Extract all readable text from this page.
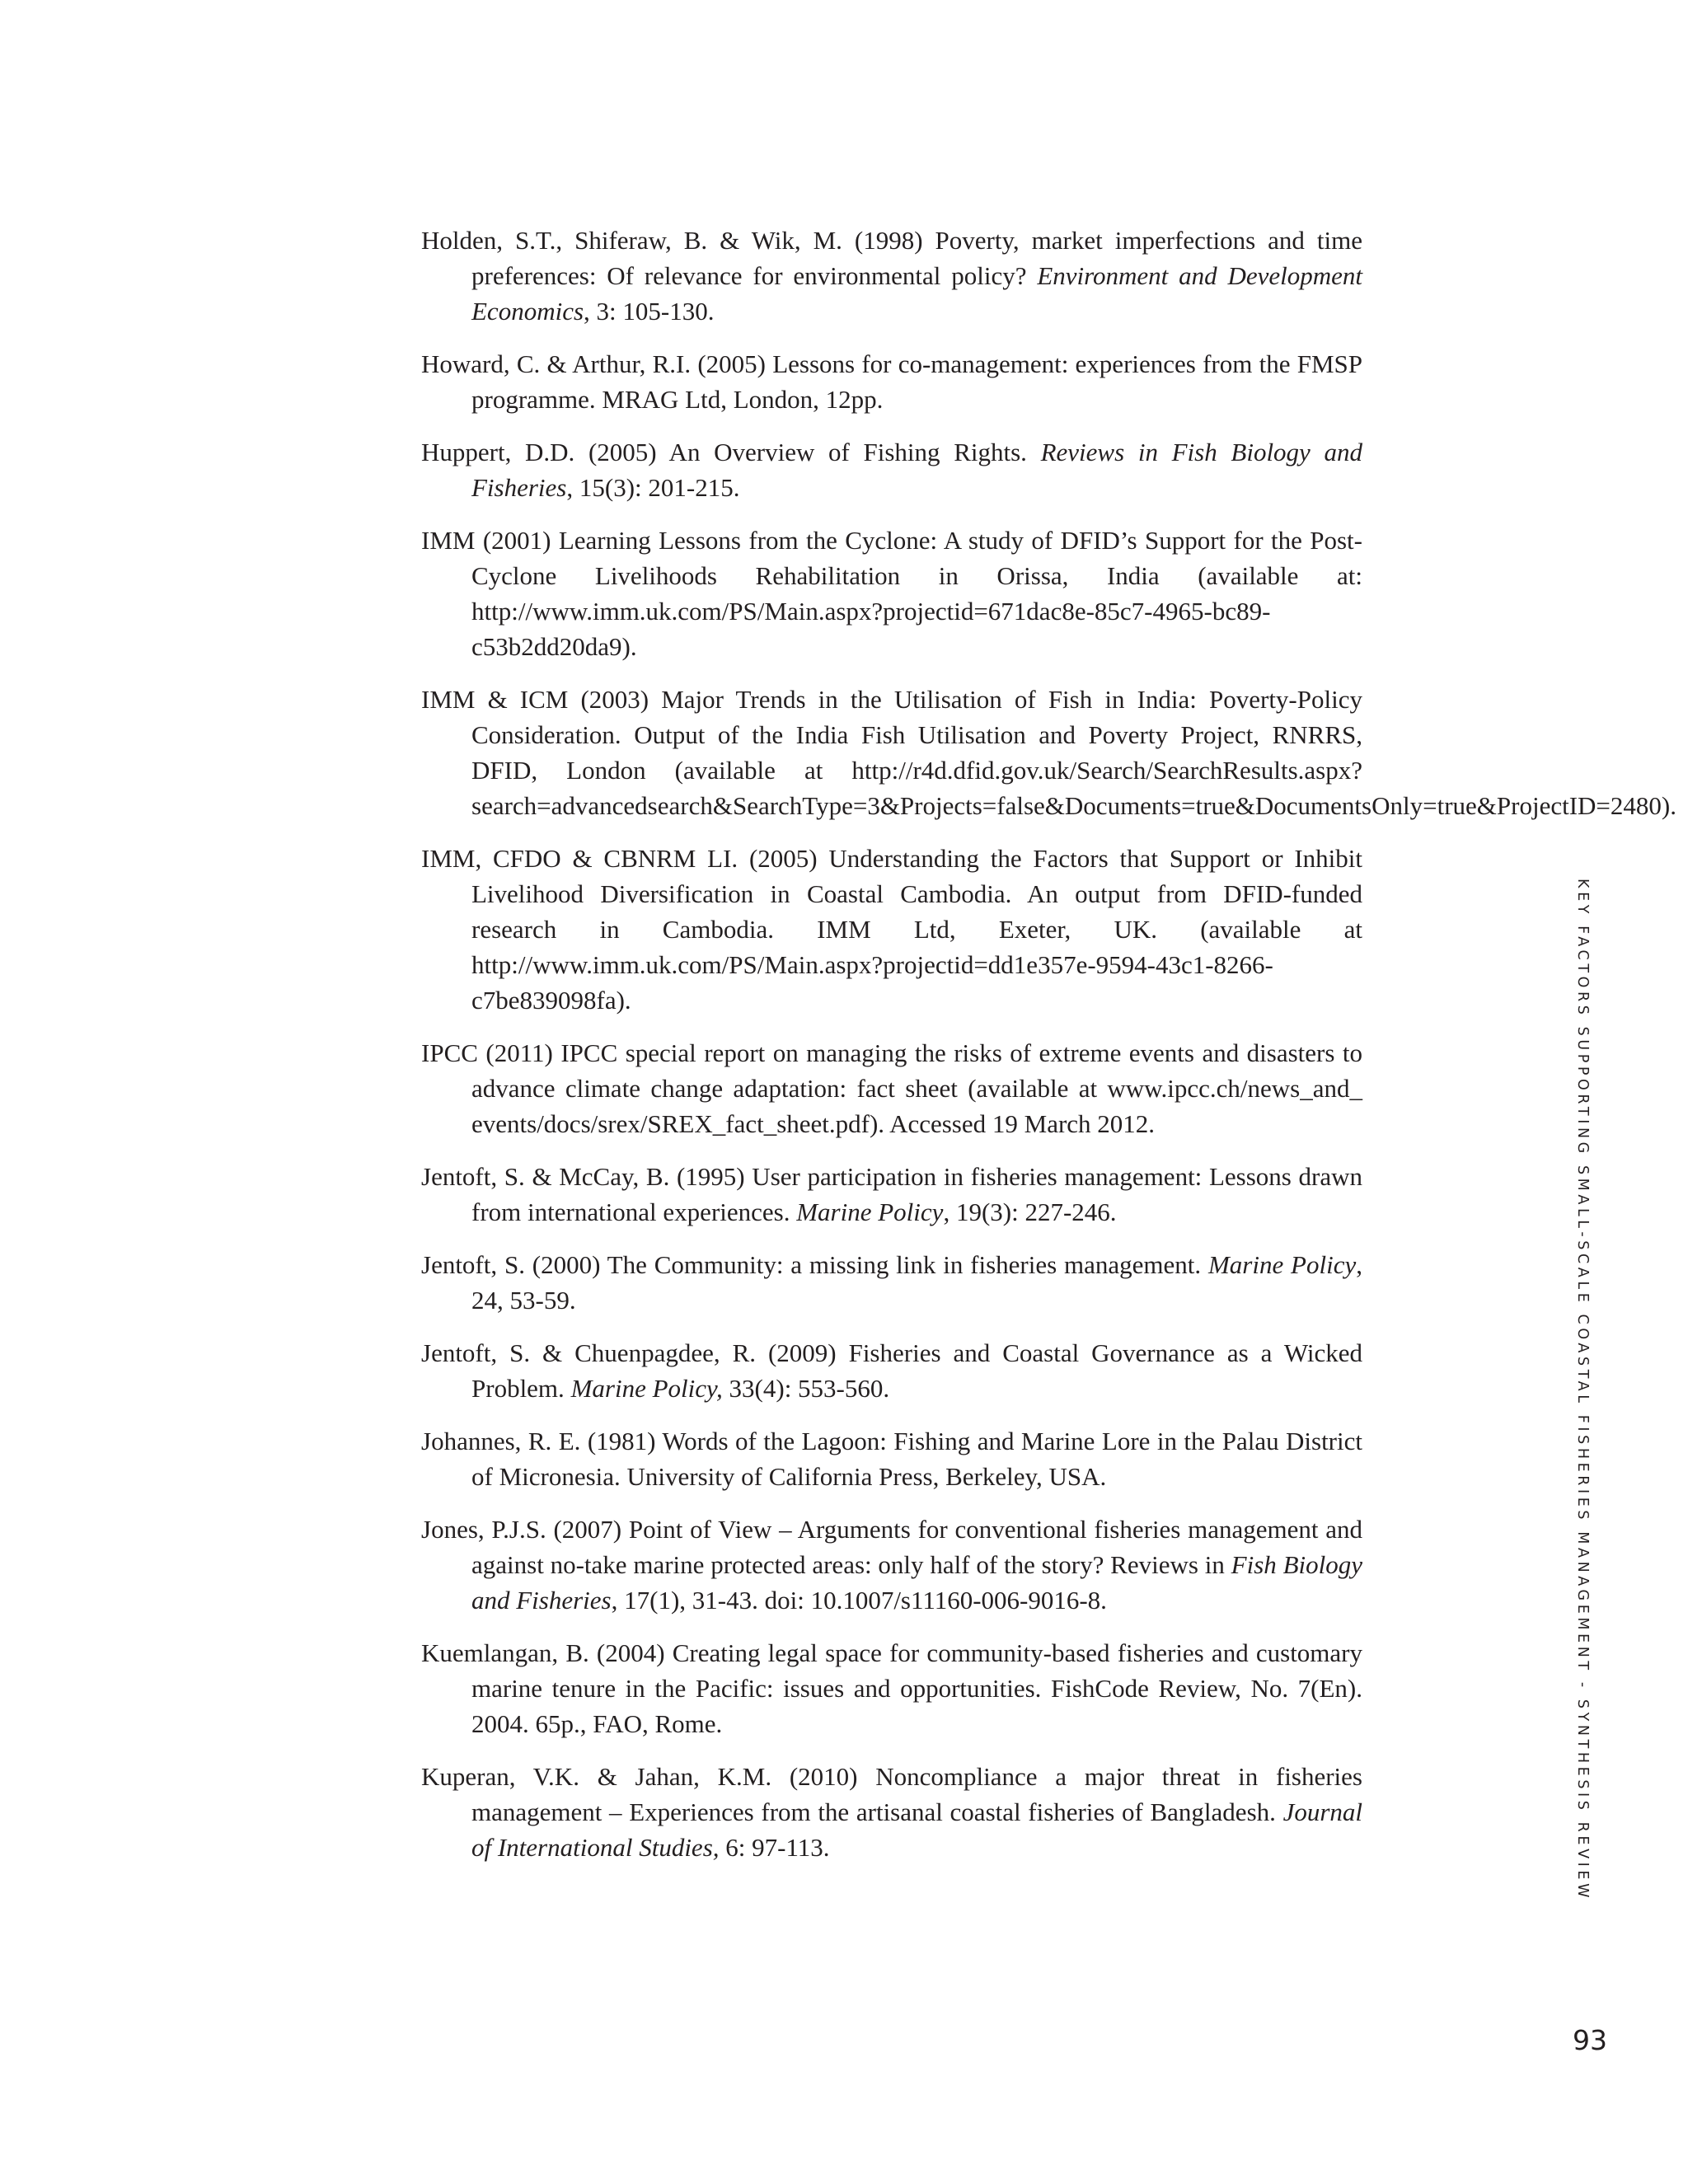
Holden, S.T., Shiferaw, B. & Wik, M. (1998) Poverty, market imperfections and time preferences: Of relevance for environmental policy? Environment and Development Economics, 3: 105-130.

Howard, C. & Arthur, R.I. (2005) Lessons for co-management: experiences from the FMSP programme. MRAG Ltd, London, 12pp.

Huppert, D.D. (2005) An Overview of Fishing Rights. Reviews in Fish Biology and Fisheries, 15(3): 201-215.

IMM (2001) Learning Lessons from the Cyclone: A study of DFID’s Support for the Post-Cyclone Livelihoods Rehabilitation in Orissa, India (available at: http://www.imm.uk.com/PS/Main.aspx?projectid=671dac8e-85c7-4965-bc89-c53b2dd20da9).

IMM & ICM (2003) Major Trends in the Utilisation of Fish in India: Poverty-Policy Consideration. Output of the India Fish Utilisation and Poverty Project, RNRRS, DFID, London (available at http://r4d.dfid.gov.uk/Search/SearchResults.aspx?search=advancedsearch&SearchType=3&Projects=false&Documents=true&DocumentsOnly=true&ProjectID=2480).

IMM, CFDO & CBNRM LI. (2005) Understanding the Factors that Support or Inhibit Livelihood Diversification in Coastal Cambodia. An output from DFID-funded research in Cambodia. IMM Ltd, Exeter, UK. (available at http://www.imm.uk.com/PS/Main.aspx?projectid=dd1e357e-9594-43c1-8266-c7be839098fa).

IPCC (2011) IPCC special report on managing the risks of extreme events and disasters to advance climate change adaptation: fact sheet (available at www.ipcc.ch/news_and_ events/docs/srex/SREX_fact_sheet.pdf). Accessed 19 March 2012.

Jentoft, S. & McCay, B. (1995) User participation in fisheries management: Lessons drawn from international experiences. Marine Policy, 19(3): 227-246.

Jentoft, S. (2000) The Community: a missing link in fisheries management. Marine Policy, 24, 53-59.

Jentoft, S. & Chuenpagdee, R. (2009) Fisheries and Coastal Governance as a Wicked Problem. Marine Policy, 33(4): 553-560.

Johannes, R. E. (1981) Words of the Lagoon: Fishing and Marine Lore in the Palau District of Micronesia. University of California Press, Berkeley, USA.

Jones, P.J.S. (2007) Point of View – Arguments for conventional fisheries management and against no-take marine protected areas: only half of the story? Reviews in Fish Biology and Fisheries, 17(1), 31-43. doi: 10.1007/s11160-006-9016-8.

Kuemlangan, B. (2004) Creating legal space for community-based fisheries and customary marine tenure in the Pacific: issues and opportunities. FishCode Review, No. 7(En). 2004. 65p., FAO, Rome.

Kuperan, V.K. & Jahan, K.M. (2010) Noncompliance a major threat in fisheries management – Experiences from the artisanal coastal fisheries of Bangladesh. Journal of International Studies, 6: 97-113.	KEY FACTORS SUPPORTING SMALL-SCALE COASTAL FISHERIES MANAGEMENT - SYNTHESIS REVIEW
93
